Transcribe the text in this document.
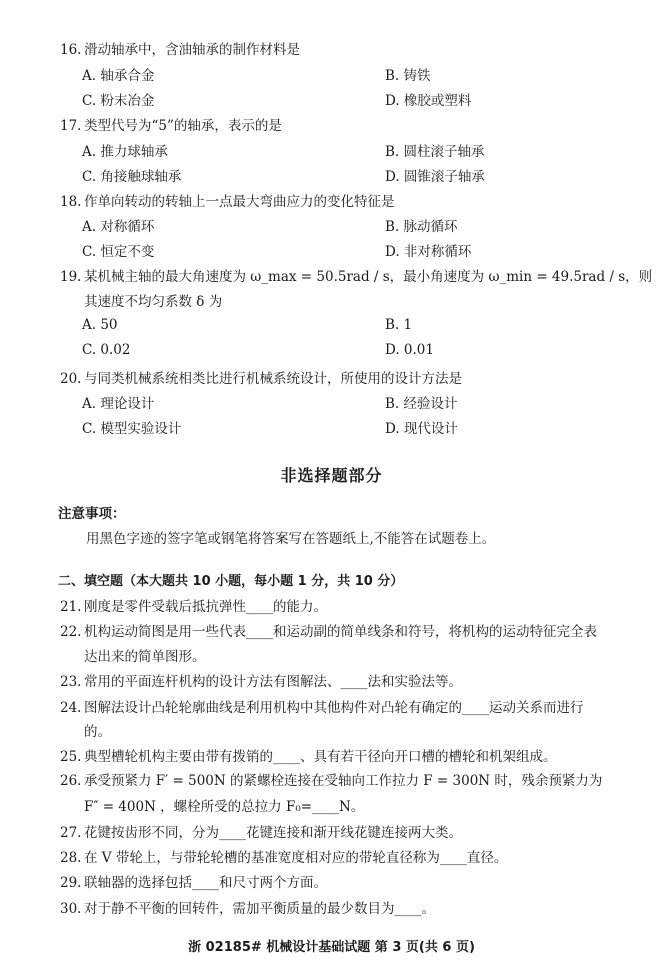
16. 滑动轴承中，含油轴承的制作材料是
A. 轴承合金	B. 铸铁
C. 粉末冶金	D. 橡胶或塑料
17. 类型代号为“5”的轴承，表示的是
A. 推力球轴承	B. 圆柱滚子轴承
C. 角接触球轴承	D. 圆锥滚子轴承
18. 作单向转动的转轴上一点最大弯曲应力的变化特征是
A. 对称循环	B. 脉动循环
C. 恒定不变	D. 非对称循环
19. 某机械主轴的最大角速度为 ω_max = 50.5rad / s，最小角速度为 ω_min = 49.5rad / s，则
其速度不均匀系数 δ 为
A. 50	B. 1
C. 0.02	D. 0.01
20. 与同类机械系统相类比进行机械系统设计，所使用的设计方法是
A. 理论设计	B. 经验设计
C. 模型实验设计	D. 现代设计
非选择题部分
注意事项：
用黑色字迹的签字笔或钢笔将答案写在答题纸上,不能答在试题卷上。
二、填空题（本大题共 10 小题，每小题 1 分，共 10 分）
21. 刚度是零件受载后抵抗弹性____的能力。
22. 机构运动简图是用一些代表____和运动副的简单线条和符号，将机构的运动特征完全表
达出来的简单图形。
23. 常用的平面连杆机构的设计方法有图解法、____法和实验法等。
24. 图解法设计凸轮轮廓曲线是利用机构中其他构件对凸轮有确定的____运动关系而进行
的。
25. 典型槽轮机构主要由带有拨销的____、具有若干径向开口槽的槽轮和机架组成。
26. 承受预紧力 F′ = 500N 的紧螺栓连接在受轴向工作拉力 F = 300N 时，残余预紧力为
F″ = 400N ，螺栓所受的总拉力 F₀=____N。
27. 花键按齿形不同，分为____花键连接和渐开线花键连接两大类。
28. 在 V 带轮上，与带轮轮槽的基准宽度相对应的带轮直径称为____直径。
29. 联轴器的选择包括____和尺寸两个方面。
30. 对于静不平衡的回转件，需加平衡质量的最少数目为____。
浙 02185# 机械设计基础试题 第 3 页(共 6 页)
